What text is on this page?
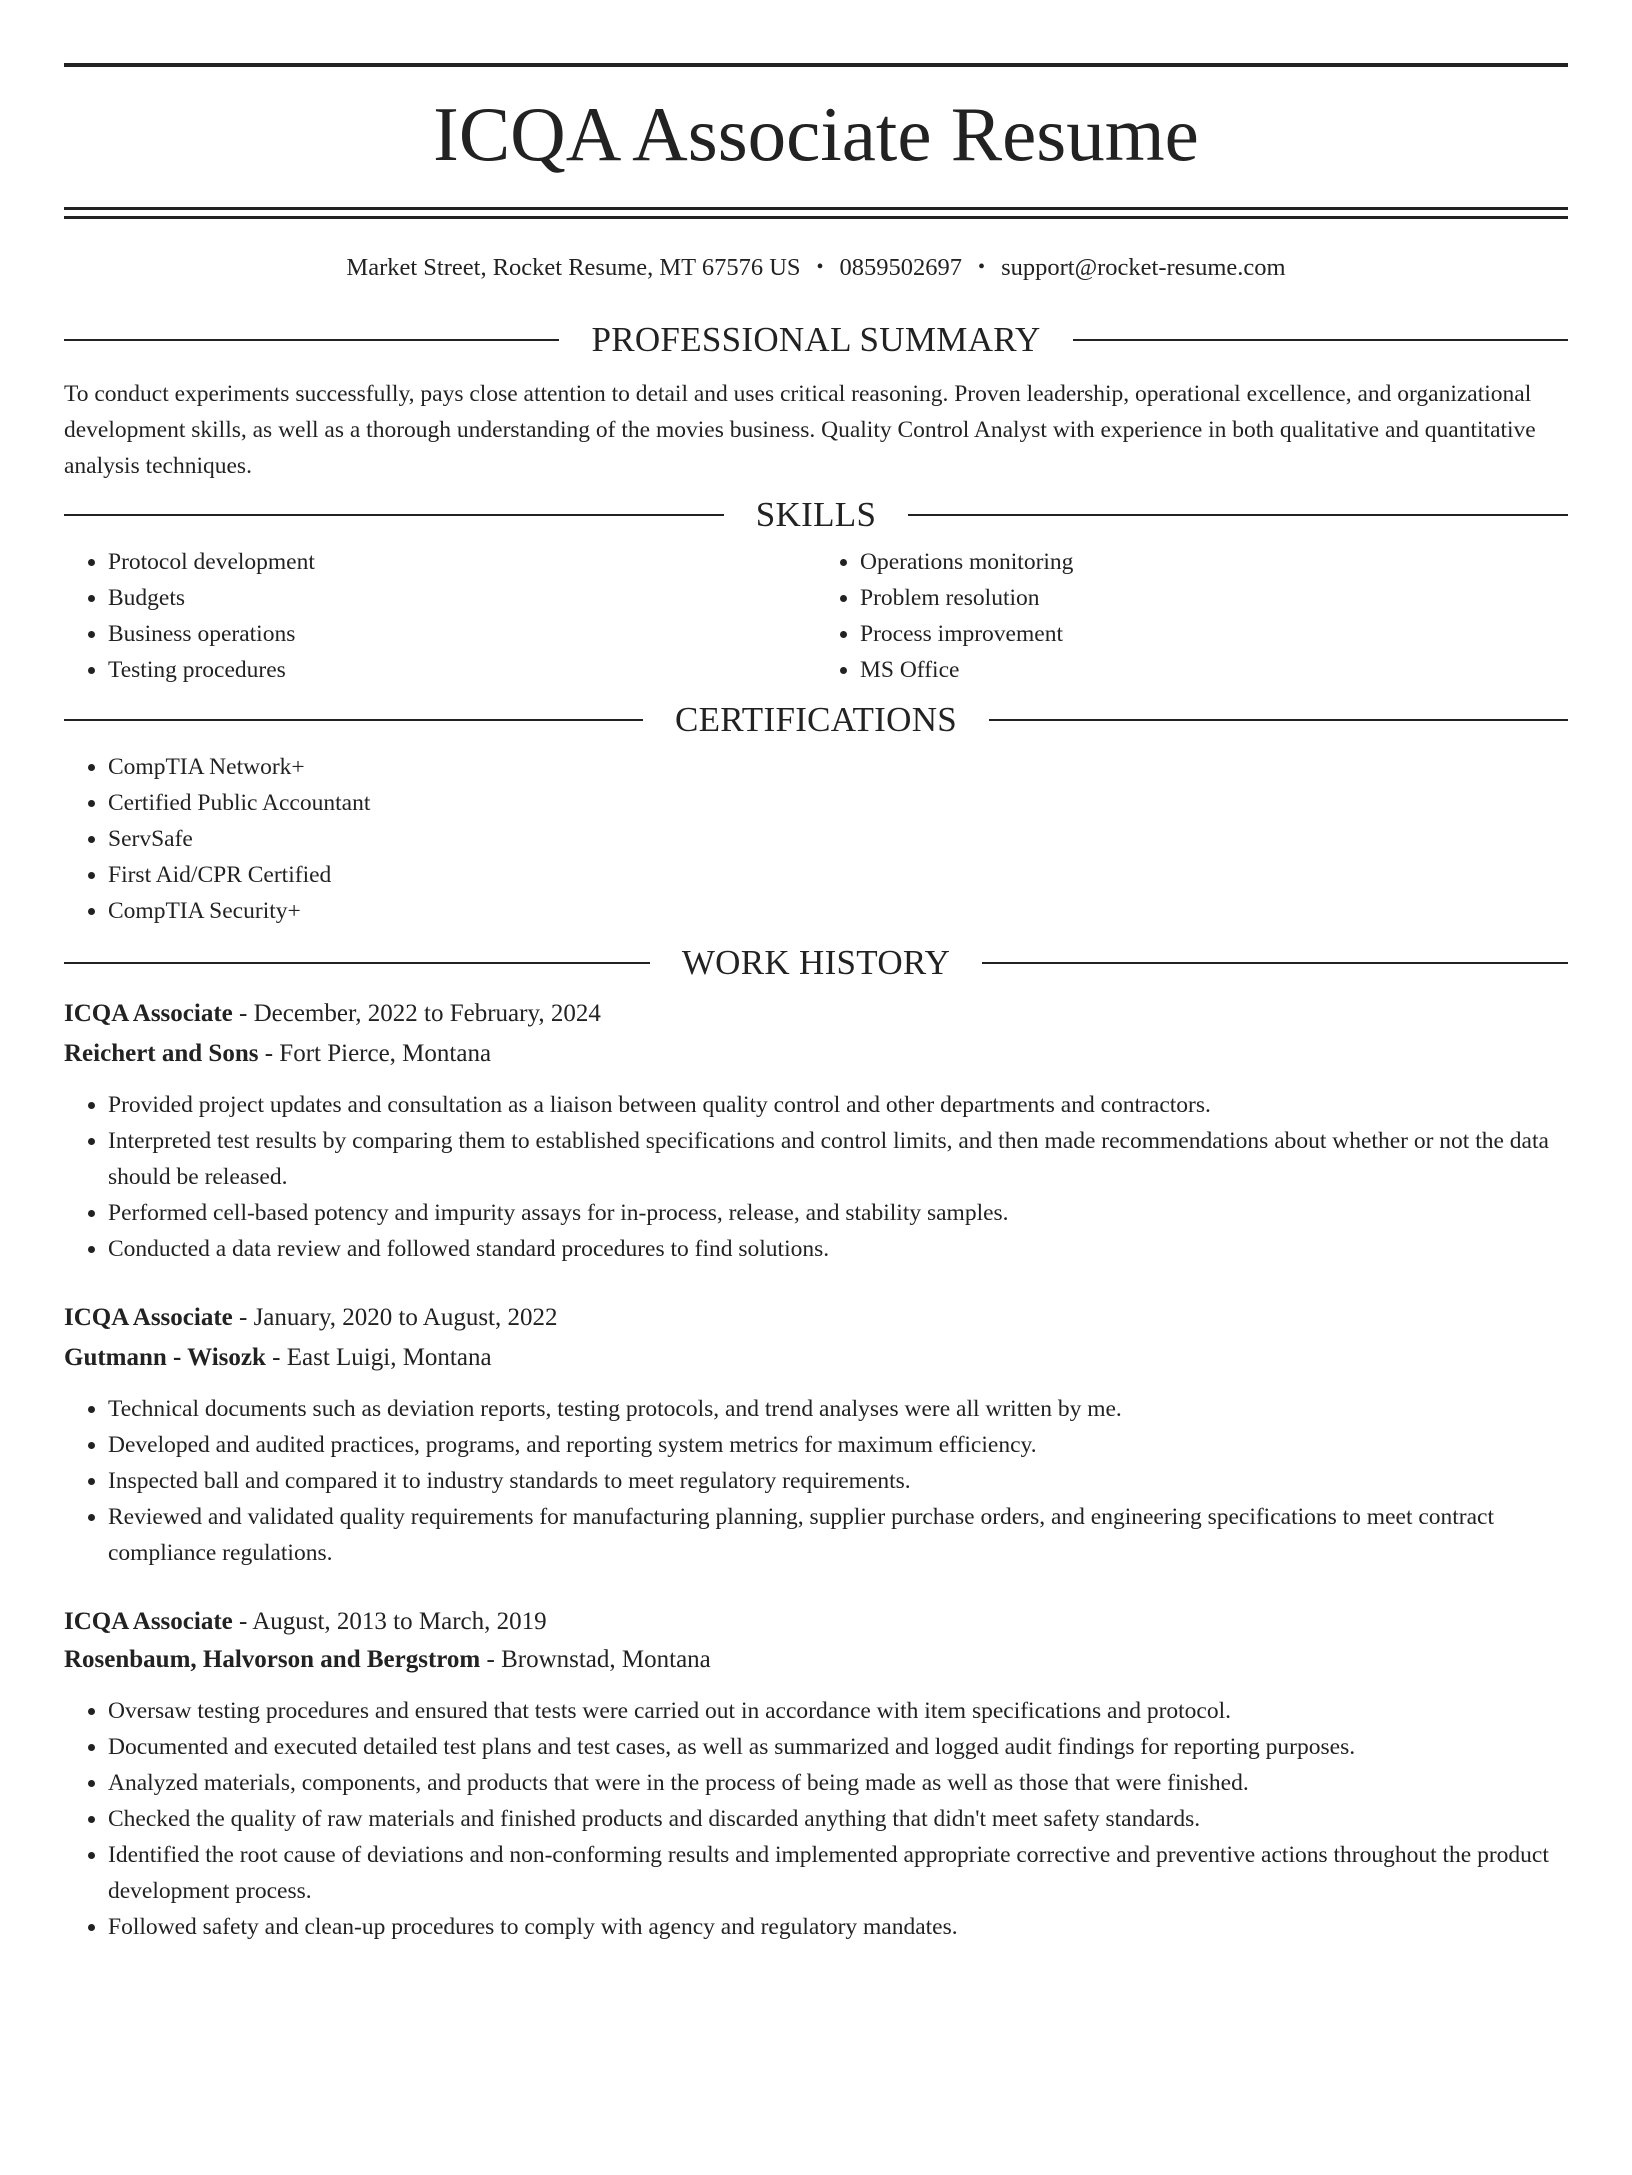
ICQA Associate Resume
Market Street, Rocket Resume, MT 67576 US • 0859502697 • support@rocket-resume.com
PROFESSIONAL SUMMARY

To conduct experiments successfully, pays close attention to detail and uses critical reasoning. Proven leadership, operational excellence, and organizational development skills, as well as a thorough understanding of the movies business. Quality Control Analyst with experience in both qualitative and quantitative analysis techniques.

SKILLS
• Protocol development
• Budgets
• Business operations
• Testing procedures
• Operations monitoring
• Problem resolution
• Process improvement
• MS Office
CERTIFICATIONS
• CompTIA Network+
• Certified Public Accountant
• ServSafe
• First Aid/CPR Certified
• CompTIA Security+
WORK HISTORY
ICQA Associate - December, 2022 to February, 2024
Reichert and Sons - Fort Pierce, Montana
• Provided project updates and consultation as a liaison between quality control and other departments and contractors.
• Interpreted test results by comparing them to established specifications and control limits, and then made recommendations about whether or not the data should be released.
• Performed cell-based potency and impurity assays for in-process, release, and stability samples.
• Conducted a data review and followed standard procedures to find solutions.
ICQA Associate - January, 2020 to August, 2022
Gutmann - Wisozk - East Luigi, Montana
• Technical documents such as deviation reports, testing protocols, and trend analyses were all written by me.
• Developed and audited practices, programs, and reporting system metrics for maximum efficiency.
• Inspected ball and compared it to industry standards to meet regulatory requirements.
• Reviewed and validated quality requirements for manufacturing planning, supplier purchase orders, and engineering specifications to meet contract compliance regulations.
ICQA Associate - August, 2013 to March, 2019
Rosenbaum, Halvorson and Bergstrom - Brownstad, Montana
• Oversaw testing procedures and ensured that tests were carried out in accordance with item specifications and protocol.
• Documented and executed detailed test plans and test cases, as well as summarized and logged audit findings for reporting purposes.
• Analyzed materials, components, and products that were in the process of being made as well as those that were finished.
• Checked the quality of raw materials and finished products and discarded anything that didn't meet safety standards.
• Identified the root cause of deviations and non-conforming results and implemented appropriate corrective and preventive actions throughout the product development process.
• Followed safety and clean-up procedures to comply with agency and regulatory mandates.
